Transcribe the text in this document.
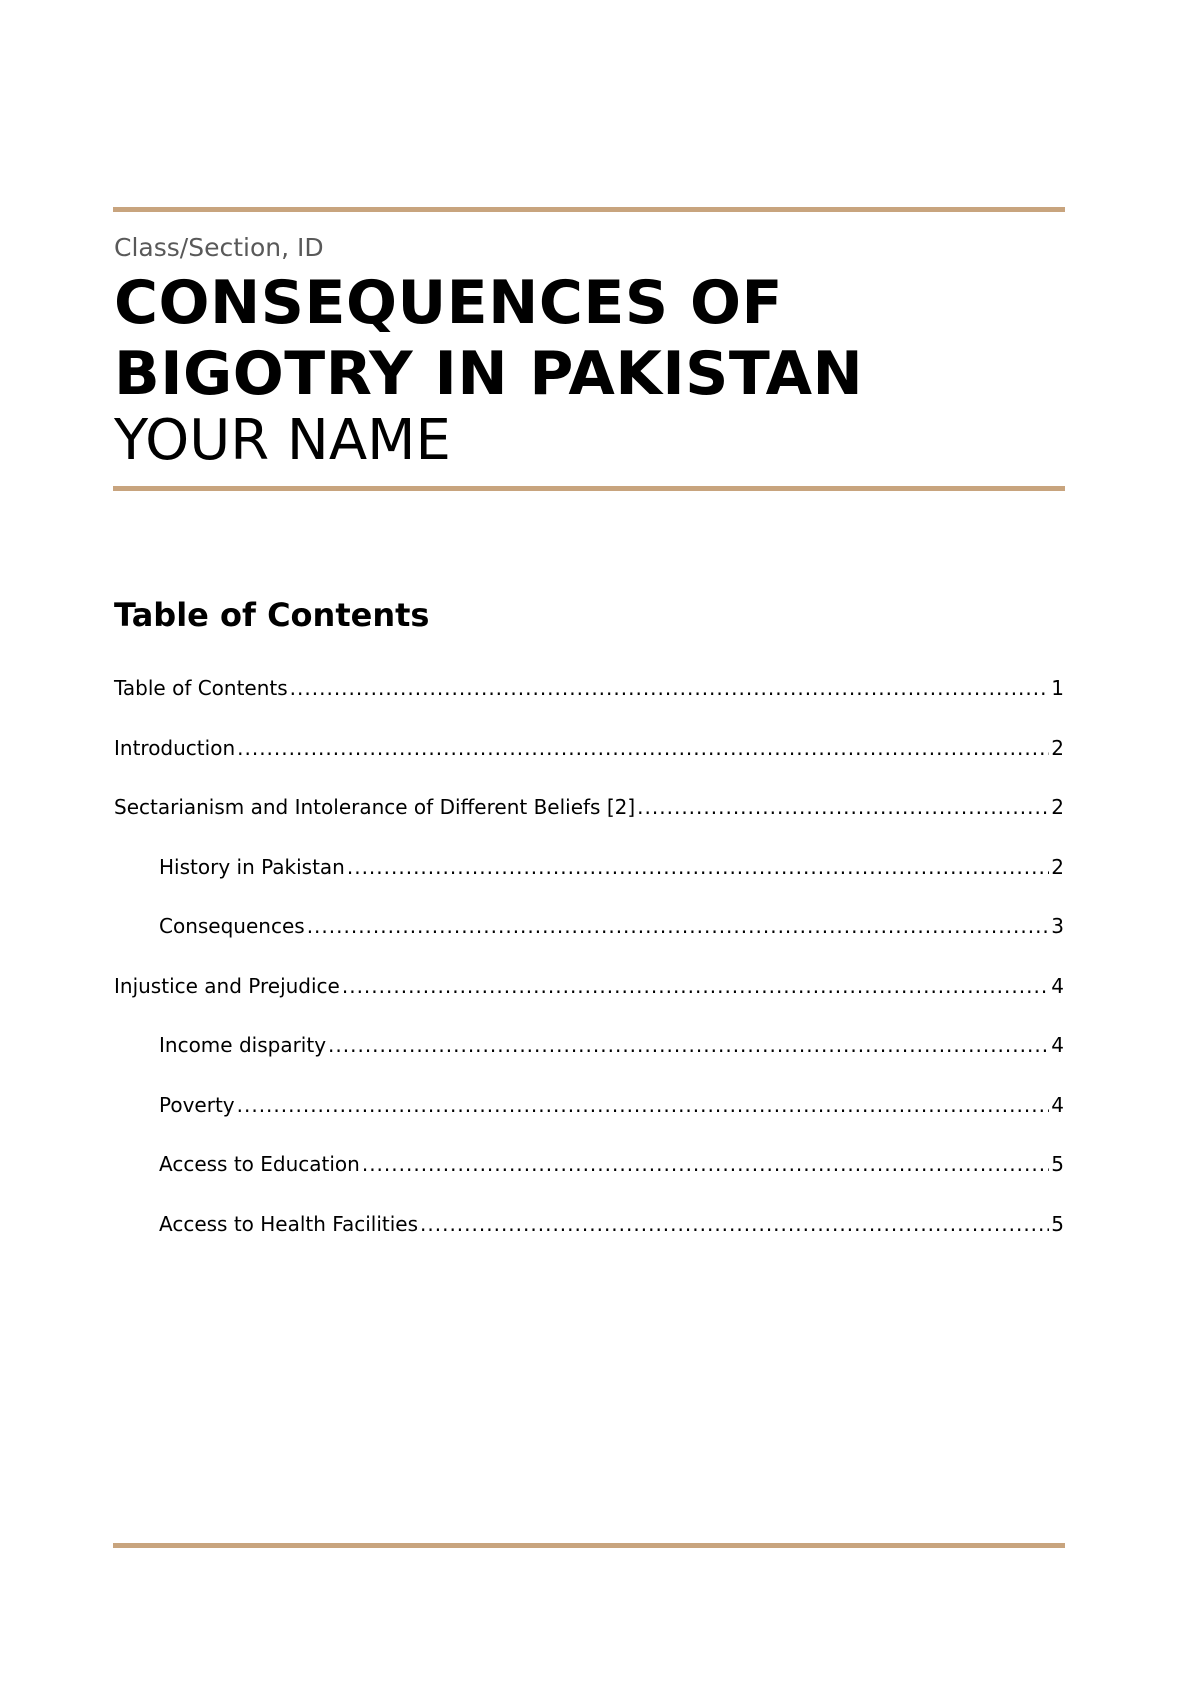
Class/Section, ID
CONSEQUENCES OF
BIGOTRY IN PAKISTAN
YOUR NAME
Table of Contents
Table of Contents .....	1
Introduction .....	2
Sectarianism and Intolerance of Different Beliefs [2] .....	2
History in Pakistan .....	2
Consequences .....	3
Injustice and Prejudice .....	4
Income disparity .....	4
Poverty .....	4
Access to Education .....	5
Access to Health Facilities .....	5
